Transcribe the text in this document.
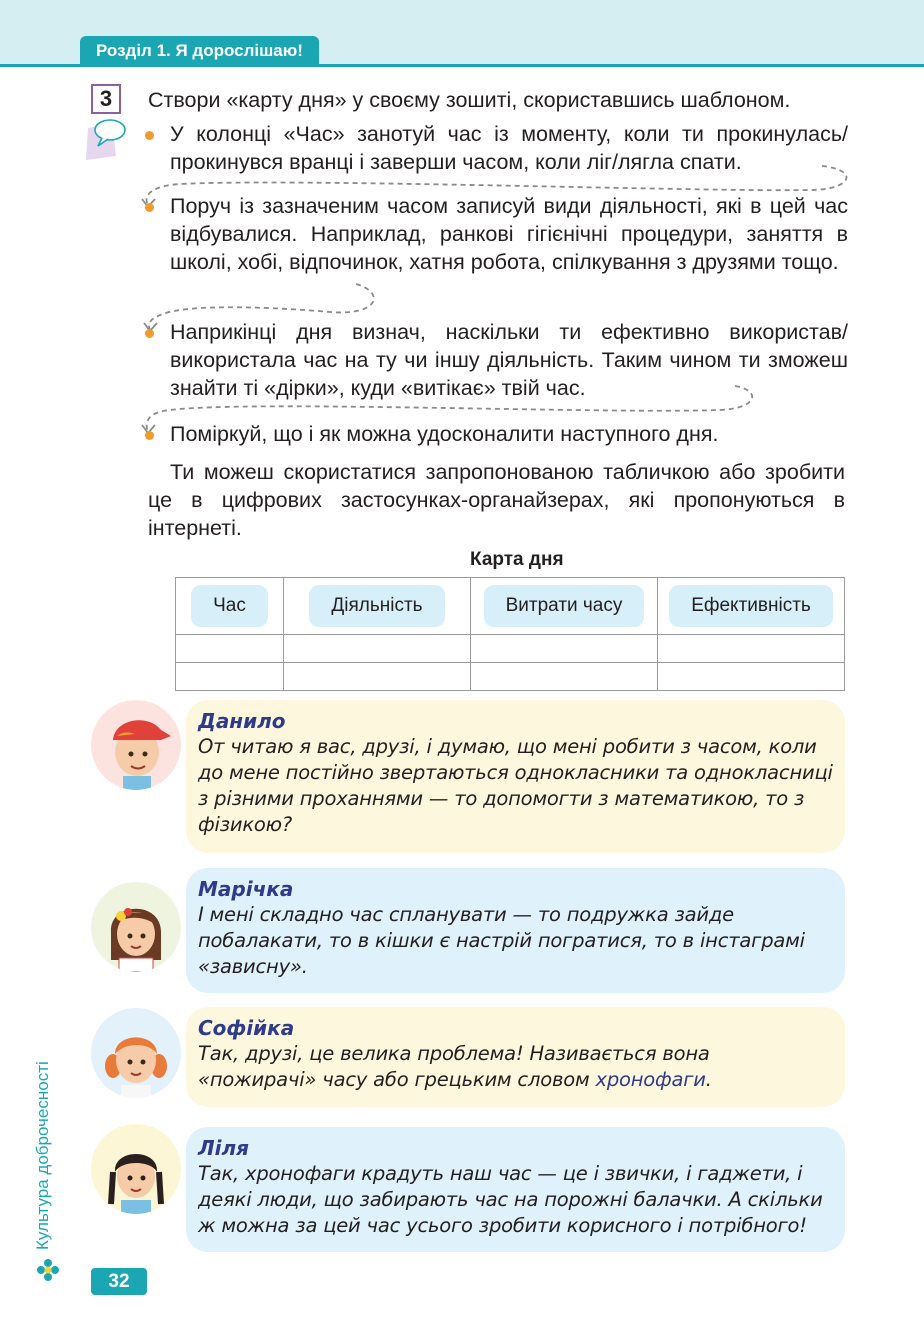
Розділ 1. Я дорослішаю!
3	Створи «карту дня» у своєму зошиті, скориставшись шаблоном.
У колонці «Час» занотуй час із моменту, коли ти прокинулась/прокинувся вранці і заверши часом, коли ліг/лягла спати.
Поруч із зазначеним часом записуй види діяльності, які в цей час відбувалися. Наприклад, ранкові гігієнічні процедури, заняття в школі, хобі, відпочинок, хатня робота, спілкування з друзями тощо.
Наприкінці дня визнач, наскільки ти ефективно використав/використала час на ту чи іншу діяльність. Таким чином ти зможеш знайти ті «дірки», куди «витікає» твій час.
Поміркуй, що і як можна удосконалити наступного дня.
Ти можеш скористатися запропонованою табличкою або зробити це в цифрових застосунках-органайзерах, які пропонуються в інтернеті.
Карта дня
Час	Діяльність	Витрати часу	Ефективність

Данило
От читаю я вас, друзі, і думаю, що мені робити з часом, коли до мене постійно звертаються однокласники та однокласниці з різними проханнями — то допомогти з математикою, то з фізикою?
Марічка
І мені складно час спланувати — то подружка зайде побалакати, то в кішки є настрій погратися, то в інстаграмі «зависну».
Софійка
Так, друзі, це велика проблема! Називається вона «пожирачі» часу або грецьким словом хронофаги.
Ліля
Так, хронофаги крадуть наш час — це і звички, і гаджети, і деякі люди, що забирають час на порожні балачки. А скільки ж можна за цей час усього зробити корисного і потрібного!
Культура доброчесності
32
